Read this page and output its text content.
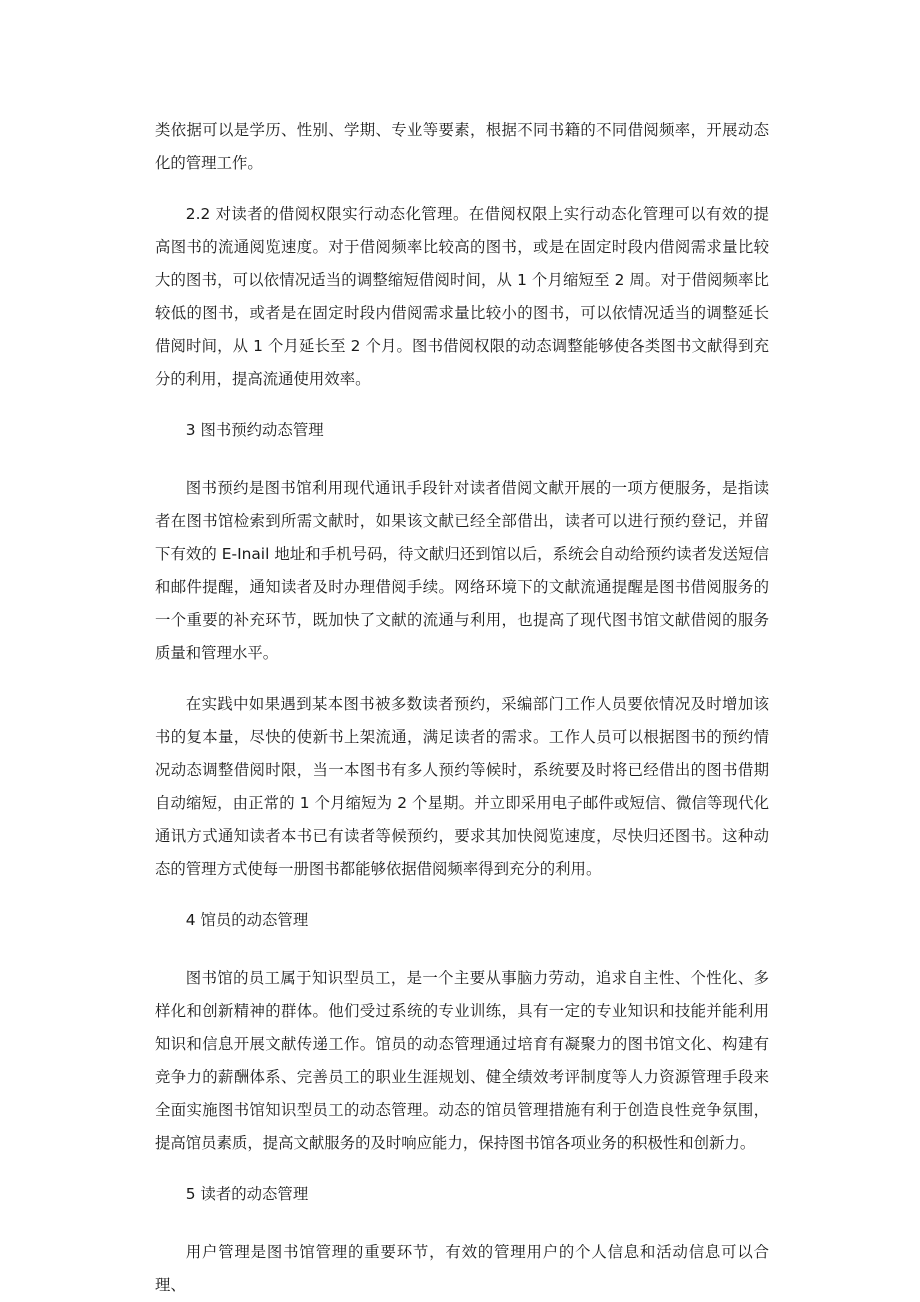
类依据可以是学历、性别、学期、专业等要素，根据不同书籍的不同借阅频率，开展动态化的管理工作。

2.2 对读者的借阅权限实行动态化管理。在借阅权限上实行动态化管理可以有效的提高图书的流通阅览速度。对于借阅频率比较高的图书，或是在固定时段内借阅需求量比较大的图书，可以依情况适当的调整缩短借阅时间，从 1 个月缩短至 2 周。对于借阅频率比较低的图书，或者是在固定时段内借阅需求量比较小的图书，可以依情况适当的调整延长借阅时间，从 1 个月延长至 2 个月。图书借阅权限的动态调整能够使各类图书文献得到充分的利用，提高流通使用效率。

3 图书预约动态管理

图书预约是图书馆利用现代通讯手段针对读者借阅文献开展的一项方便服务，是指读者在图书馆检索到所需文献时，如果该文献已经全部借出，读者可以进行预约登记，并留下有效的 E-Inail 地址和手机号码，待文献归还到馆以后，系统会自动给预约读者发送短信和邮件提醒，通知读者及时办理借阅手续。网络环境下的文献流通提醒是图书借阅服务的一个重要的补充环节，既加快了文献的流通与利用，也提高了现代图书馆文献借阅的服务质量和管理水平。

在实践中如果遇到某本图书被多数读者预约，采编部门工作人员要依情况及时增加该书的复本量，尽快的使新书上架流通，满足读者的需求。工作人员可以根据图书的预约情况动态调整借阅时限，当一本图书有多人预约等候时，系统要及时将已经借出的图书借期自动缩短，由正常的 1 个月缩短为 2 个星期。并立即采用电子邮件或短信、微信等现代化通讯方式通知读者本书已有读者等候预约，要求其加快阅览速度，尽快归还图书。这种动态的管理方式使每一册图书都能够依据借阅频率得到充分的利用。

4 馆员的动态管理

图书馆的员工属于知识型员工，是一个主要从事脑力劳动，追求自主性、个性化、多样化和创新精神的群体。他们受过系统的专业训练，具有一定的专业知识和技能并能利用知识和信息开展文献传递工作。馆员的动态管理通过培育有凝聚力的图书馆文化、构建有竞争力的薪酬体系、完善员工的职业生涯规划、健全绩效考评制度等人力资源管理手段来全面实施图书馆知识型员工的动态管理。动态的馆员管理措施有利于创造良性竞争氛围，提高馆员素质，提高文献服务的及时响应能力，保持图书馆各项业务的积极性和创新力。

5 读者的动态管理

用户管理是图书馆管理的重要环节，有效的管理用户的个人信息和活动信息可以合理、
